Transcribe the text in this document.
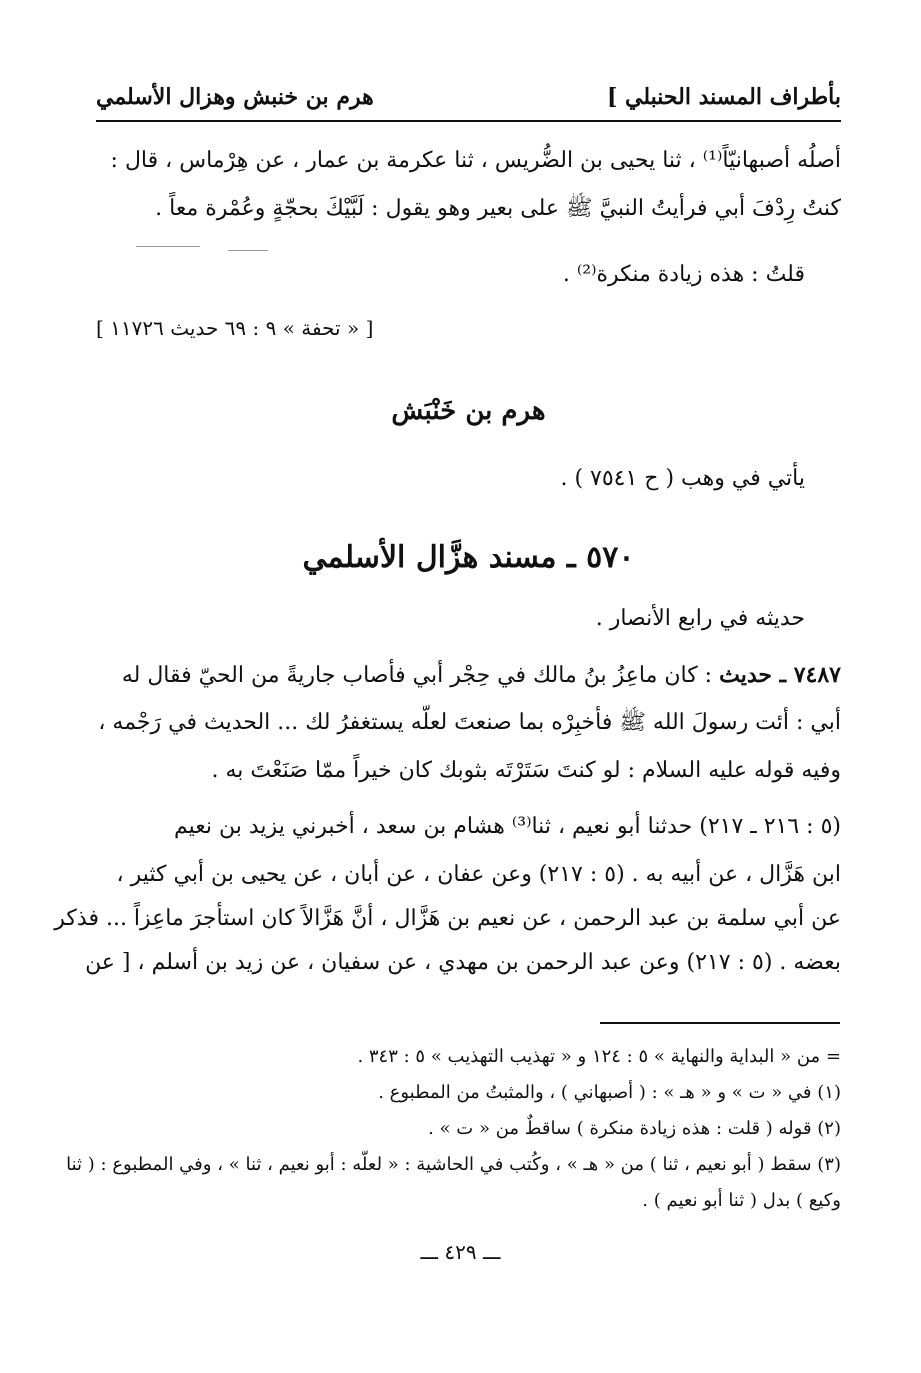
بأطراف المسند الحنبلي ]
هرم بن خنبش وهزال الأسلمي
أصلُه أصبهانيّاً⁽¹⁾ ، ثنا يحيى بن الضُّريس ، ثنا عكرمة بن عمار ، عن هِرْماس ، قال :
كنتُ رِدْفَ أبي فرأيتُ النبيَّ ﷺ على بعير وهو يقول : لَبَّيْكَ بحجّةٍ وعُمْرة معاً .
قلتُ : هذه زيادة منكرة⁽²⁾ .
[ « تحفة » ٩ : ٦٩ حديث ١١٧٢٦ ]
هرم بن خَنْبَش
يأتي في وهب ( ح ٧٥٤١ ) .
٥٧٠ ـ مسند هزَّال الأسلمي
حديثه في رابع الأنصار .
٧٤٨٧ ـ حديث : كان ماعِزُ بنُ مالك في حِجْر أبي فأصاب جاريةً من الحيّ فقال له
أبي : أئت رسولَ الله ﷺ فأخبِرْه بما صنعتَ لعلّه يستغفرُ لك ... الحديث في رَجْمه ،
وفيه قوله عليه السلام : لو كنتَ سَتَرْتَه بثوبك كان خيراً ممّا صَنَعْتَ به .
(٥ : ٢١٦ ـ ٢١٧) حدثنا أبو نعيم ، ثنا⁽³⁾ هشام بن سعد ، أخبرني يزيد بن نعيم
ابن هَزَّال ، عن أبيه به . (٥ : ٢١٧) وعن عفان ، عن أبان ، عن يحيى بن أبي كثير ،
عن أبي سلمة بن عبد الرحمن ، عن نعيم بن هَزَّال ، أنَّ هَزَّالاً كان استأجرَ ماعِزاً ... فذكر
بعضه . (٥ : ٢١٧) وعن عبد الرحمن بن مهدي ، عن سفيان ، عن زيد بن أسلم ، [ عن
= من « البداية والنهاية » ٥ : ١٢٤ و « تهذيب التهذيب » ٥ : ٣٤٣ .
(١) في « ت » و « هـ » : ( أصبهاني ) ، والمثبتُ من المطبوع .
(٢) قوله ( قلت : هذه زيادة منكرة ) ساقطٌ من « ت » .
(٣) سقط ( أبو نعيم ، ثنا ) من « هـ » ، وكُتب في الحاشية : « لعلّه : أبو نعيم ، ثنا » ، وفي المطبوع : ( ثنا
وكيع ) بدل ( ثنا أبو نعيم ) .
ـــ ٤٢٩ ـــ
